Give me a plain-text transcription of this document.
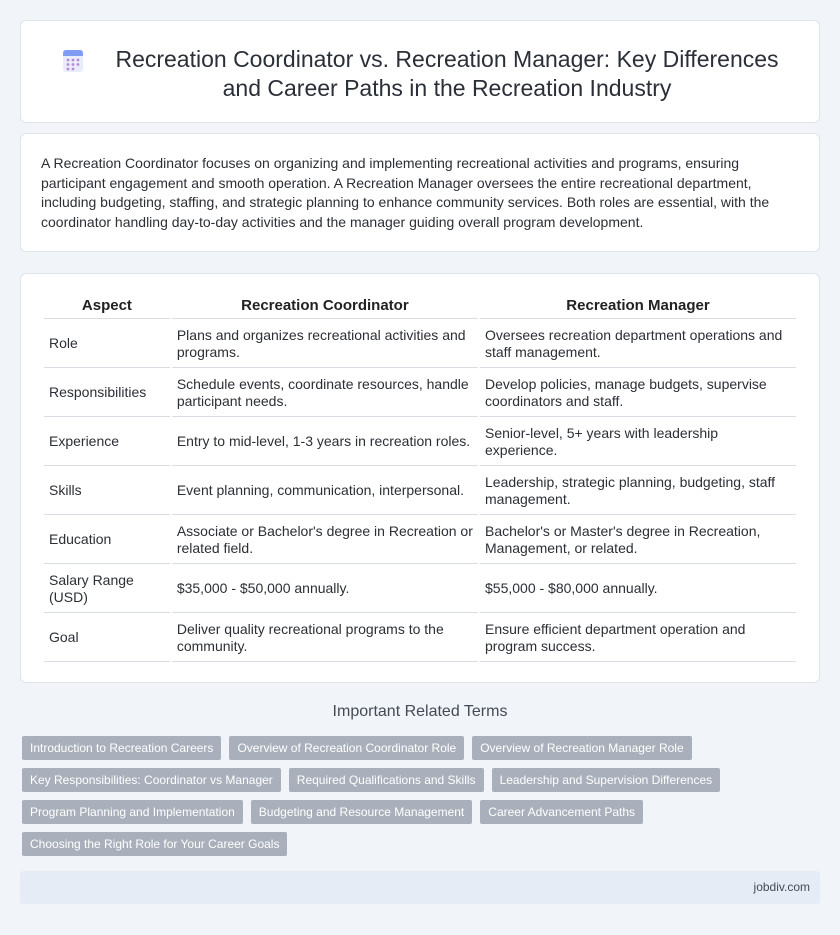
Recreation Coordinator vs. Recreation Manager: Key Differences and Career Paths in the Recreation Industry

A Recreation Coordinator focuses on organizing and implementing recreational activities and programs, ensuring participant engagement and smooth operation. A Recreation Manager oversees the entire recreational department, including budgeting, staffing, and strategic planning to enhance community services. Both roles are essential, with the coordinator handling day-to-day activities and the manager guiding overall program development.

Aspect	Recreation Coordinator	Recreation Manager
Role	Plans and organizes recreational activities and programs.	Oversees recreation department operations and staff management.
Responsibilities	Schedule events, coordinate resources, handle participant needs.	Develop policies, manage budgets, supervise coordinators and staff.
Experience	Entry to mid-level, 1-3 years in recreation roles.	Senior-level, 5+ years with leadership experience.
Skills	Event planning, communication, interpersonal.	Leadership, strategic planning, budgeting, staff management.
Education	Associate or Bachelor's degree in Recreation or related field.	Bachelor's or Master's degree in Recreation, Management, or related.
Salary Range (USD)	$35,000 - $50,000 annually.	$55,000 - $80,000 annually.
Goal	Deliver quality recreational programs to the community.	Ensure efficient department operation and program success.
Important Related Terms
Introduction to Recreation Careers	Overview of Recreation Coordinator Role	Overview of Recreation Manager Role
Key Responsibilities: Coordinator vs Manager	Required Qualifications and Skills	Leadership and Supervision Differences
Program Planning and Implementation	Budgeting and Resource Management	Career Advancement Paths
Choosing the Right Role for Your Career Goals
jobdiv.com
